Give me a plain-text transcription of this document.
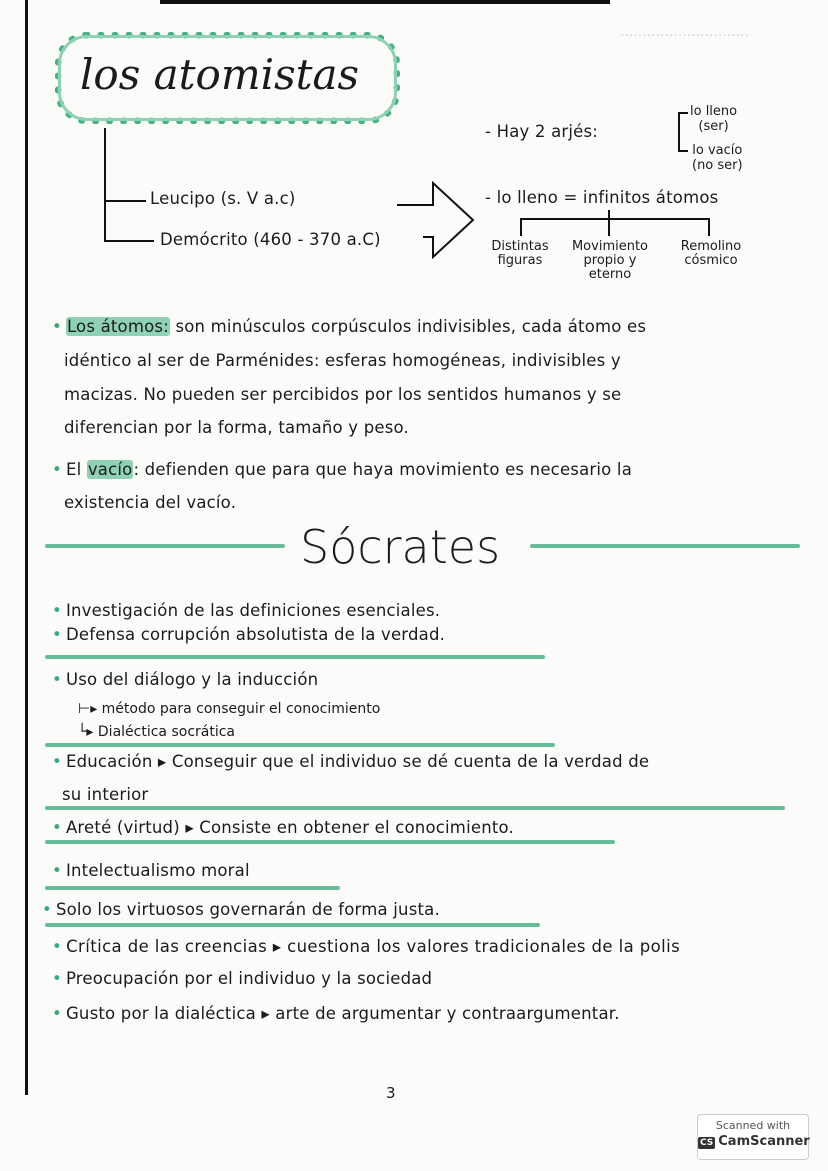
·····························
los atomistas
Leucipo (s. V a.c)
Demócrito (460 - 370 a.C)
- Hay 2 arjés:
lo lleno
(ser)
lo vacío
(no ser)
- lo lleno = infinitos átomos
Distintas figuras
Movimiento propio y eterno
Remolino cósmico
• Los átomos: son minúsculos corpúsculos indivisibles, cada átomo es
idéntico al ser de Parménides: esferas homogéneas, indivisibles y
macizas. No pueden ser percibidos por los sentidos humanos y se
diferencian por la forma, tamaño y peso.
• El vacío: defienden que para que haya movimiento es necesario la
existencia del vacío.
Sócrates
• Investigación de las definiciones esenciales.
• Defensa corrupción absolutista de la verdad.
• Uso del diálogo y la inducción
⊢▸ método para conseguir el conocimiento
└▸ Dialéctica socrática
• Educación ▸ Conseguir que el individuo se dé cuenta de la verdad de
su interior
• Areté (virtud) ▸ Consiste en obtener el conocimiento.
• Intelectualismo moral
• Solo los virtuosos governarán de forma justa.
• Crítica de las creencias ▸ cuestiona los valores tradicionales de la polis
• Preocupación por el individuo y la sociedad
• Gusto por la dialéctica ▸ arte de argumentar y contraargumentar.
3
Scanned with
CS CamScanner
